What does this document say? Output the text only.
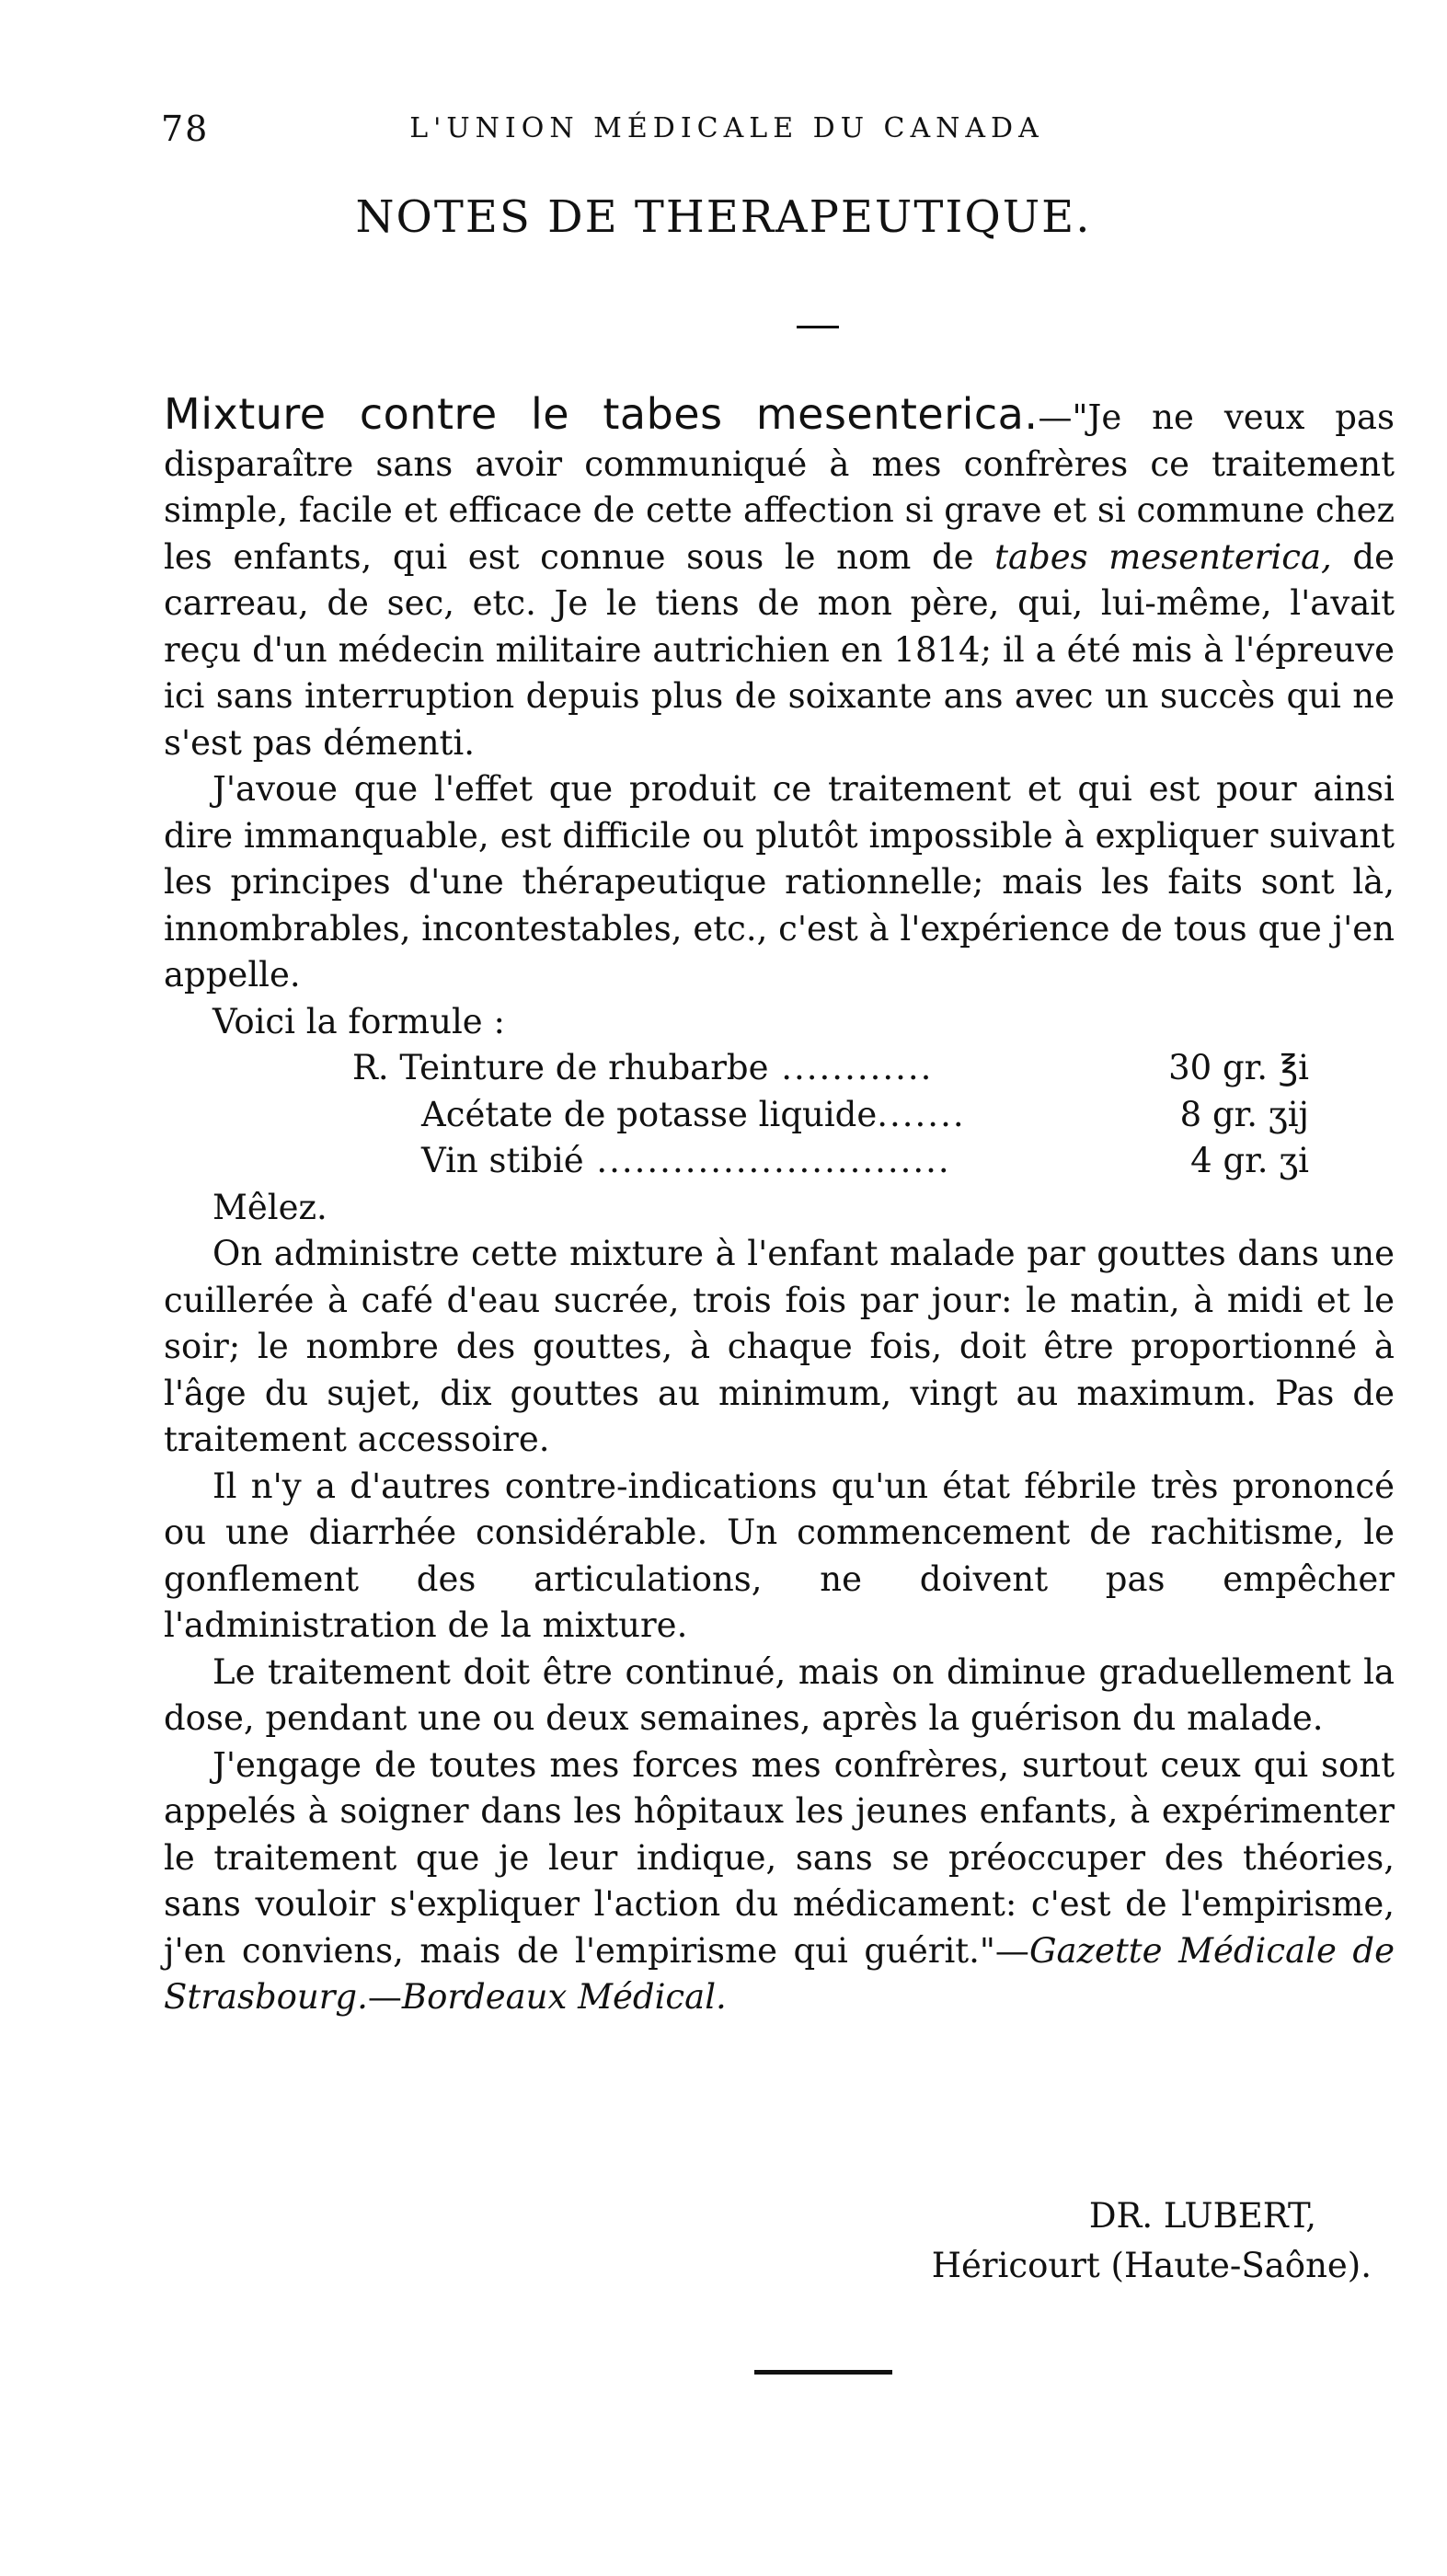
78	L'UNION MÉDICALE DU CANADA
NOTES DE THERAPEUTIQUE.

Mixture contre le tabes mesenterica.—"Je ne veux pas disparaître sans avoir communiqué à mes confrères ce traitement simple, facile et efficace de cette affection si grave et si commune chez les enfants, qui est connue sous le nom de tabes mesenterica, de carreau, de sec, etc. Je le tiens de mon père, qui, lui-même, l'avait reçu d'un médecin militaire autrichien en 1814; il a été mis à l'épreuve ici sans interruption depuis plus de soixante ans avec un succès qui ne s'est pas démenti.

J'avoue que l'effet que produit ce traitement et qui est pour ainsi dire immanquable, est difficile ou plutôt impossible à expliquer suivant les principes d'une thérapeutique rationnelle; mais les faits sont là, innombrables, incontestables, etc., c'est à l'expérience de tous que j'en appelle.

Voici la formule :

R. Teinture de rhubarbe ............	30 gr. ℥i
Acétate de potasse liquide.......	8 gr. ʒij
Vin stibié ............................	4 gr. ʒi

Mêlez.

On administre cette mixture à l'enfant malade par gouttes dans une cuillerée à café d'eau sucrée, trois fois par jour: le matin, à midi et le soir; le nombre des gouttes, à chaque fois, doit être proportionné à l'âge du sujet, dix gouttes au minimum, vingt au maximum. Pas de traitement accessoire.

Il n'y a d'autres contre-indications qu'un état fébrile très prononcé ou une diarrhée considérable. Un commencement de rachitisme, le gonflement des articulations, ne doivent pas empêcher l'administration de la mixture.

Le traitement doit être continué, mais on diminue graduellement la dose, pendant une ou deux semaines, après la guérison du malade.

J'engage de toutes mes forces mes confrères, surtout ceux qui sont appelés à soigner dans les hôpitaux les jeunes enfants, à expérimenter le traitement que je leur indique, sans se préoccuper des théories, sans vouloir s'expliquer l'action du médicament: c'est de l'empirisme, j'en conviens, mais de l'empirisme qui guérit."—Gazette Médicale de Strasbourg.—Bordeaux Médical.

DR. LUBERT,
Héricourt (Haute-Saône).
